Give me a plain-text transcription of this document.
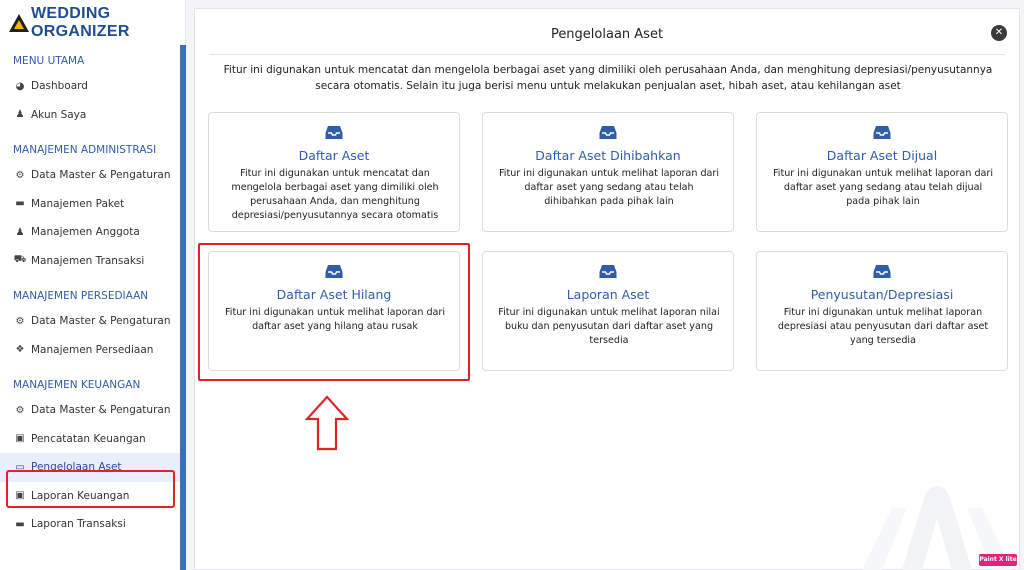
WEDDING ORGANIZER
MENU UTAMA
◕ Dashboard
♟ Akun Saya
MANAJEMEN ADMINISTRASI
⚙ Data Master & Pengaturan
▬ Manajemen Paket
♟ Manajemen Anggota
⛟ Manajemen Transaksi
MANAJEMEN PERSEDIAAN
⚙ Data Master & Pengaturan
❖ Manajemen Persediaan
MANAJEMEN KEUANGAN
⚙ Data Master & Pengaturan
▣ Pencatatan Keuangan
▭ Pengelolaan Aset
▣ Laporan Keuangan
▬ Laporan Transaksi
Pengelolaan Aset	✕
Fitur ini digunakan untuk mencatat dan mengelola berbagai aset yang dimiliki oleh perusahaan Anda, dan menghitung depresiasi/penyusutannya secara otomatis. Selain itu juga berisi menu untuk melakukan penjualan aset, hibah aset, atau kehilangan aset
Daftar Aset
Fitur ini digunakan untuk mencatat dan mengelola berbagai aset yang dimiliki oleh perusahaan Anda, dan menghitung depresiasi/penyusutannya secara otomatis
Daftar Aset Dihibahkan
Fitur ini digunakan untuk melihat laporan dari daftar aset yang sedang atau telah dihibahkan pada pihak lain
Daftar Aset Dijual
Fitur ini digunakan untuk melihat laporan dari daftar aset yang sedang atau telah dijual pada pihak lain
Daftar Aset Hilang
Fitur ini digunakan untuk melihat laporan dari daftar aset yang hilang atau rusak
Laporan Aset
Fitur ini digunakan untuk melihat laporan nilai buku dan penyusutan dari daftar aset yang tersedia
Penyusutan/Depresiasi
Fitur ini digunakan untuk melihat laporan depresiasi atau penyusutan dari daftar aset yang tersedia
Paint X lite
